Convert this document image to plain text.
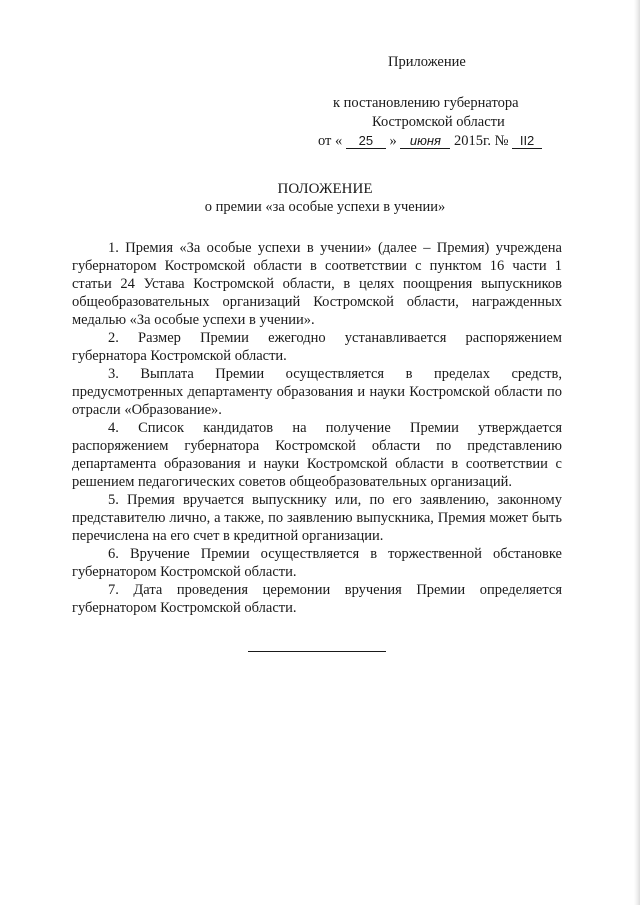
Приложение
к постановлению губернатора
Костромской области
от « 25 » июня 2015г. № II2
ПОЛОЖЕНИЕ
о премии «за особые успехи в учении»

1. Премия «За особые успехи в учении» (далее – Премия) учреждена губернатором Костромской области в соответствии с пунктом 16 части 1 статьи 24 Устава Костромской области, в целях поощрения выпускников общеобразовательных организаций Костромской области, награжденных медалью «За особые успехи в учении».

2. Размер Премии ежегодно устанавливается распоряжением губернатора Костромской области.

3. Выплата Премии осуществляется в пределах средств, предусмотренных департаменту образования и науки Костромской области по отрасли «Образование».

4. Список кандидатов на получение Премии утверждается распоряжением губернатора Костромской области по представлению департамента образования и науки Костромской области в соответствии с решением педагогических советов общеобразовательных организаций.

5. Премия вручается выпускнику или, по его заявлению, законному представителю лично, а также, по заявлению выпускника, Премия может быть перечислена на его счет в кредитной организации.

6. Вручение Премии осуществляется в торжественной обстановке губернатором Костромской области.

7. Дата проведения церемонии вручения Премии определяется губернатором Костромской области.
